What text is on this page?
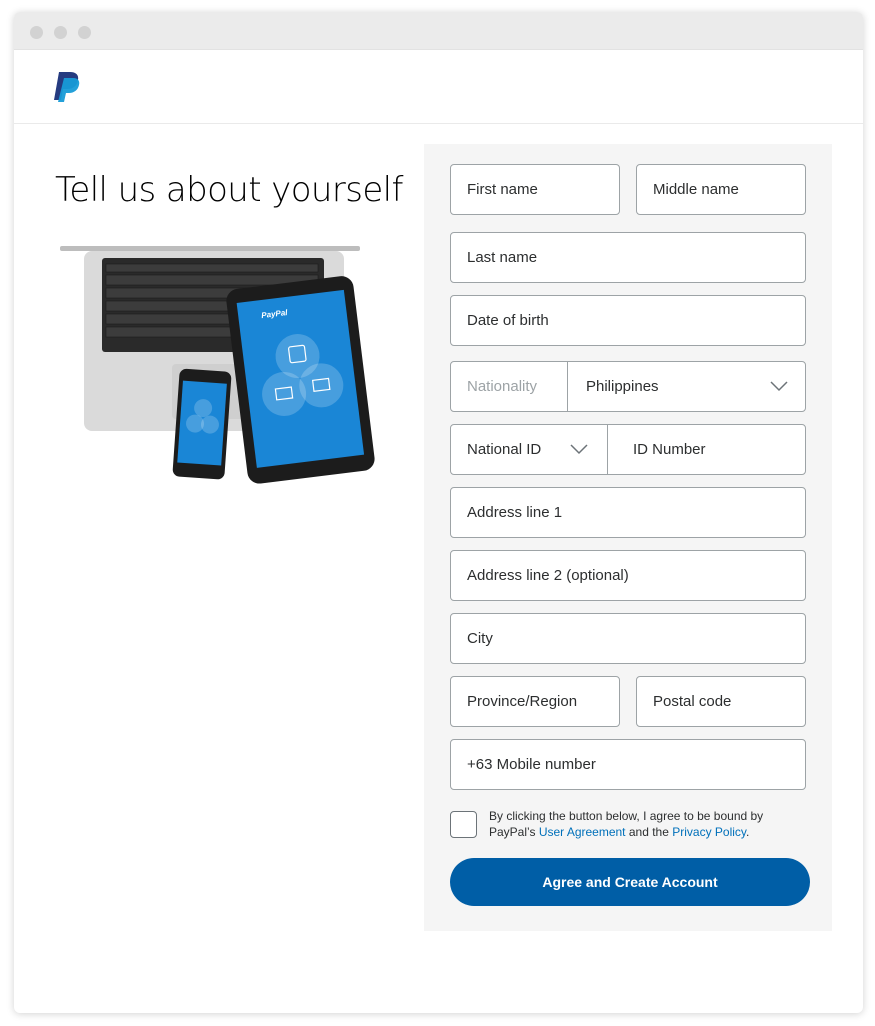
Tell us about yourself
PayPal
First name	Middle name
Last name
Date of birth
Nationality	Philippines
National ID	ID Number
Address line 1
Address line 2 (optional)
City
Province/Region	Postal code
+63 Mobile number

By clicking the button below, I agree to be bound by PayPal’s User Agreement and the Privacy Policy.

Agree and Create Account
